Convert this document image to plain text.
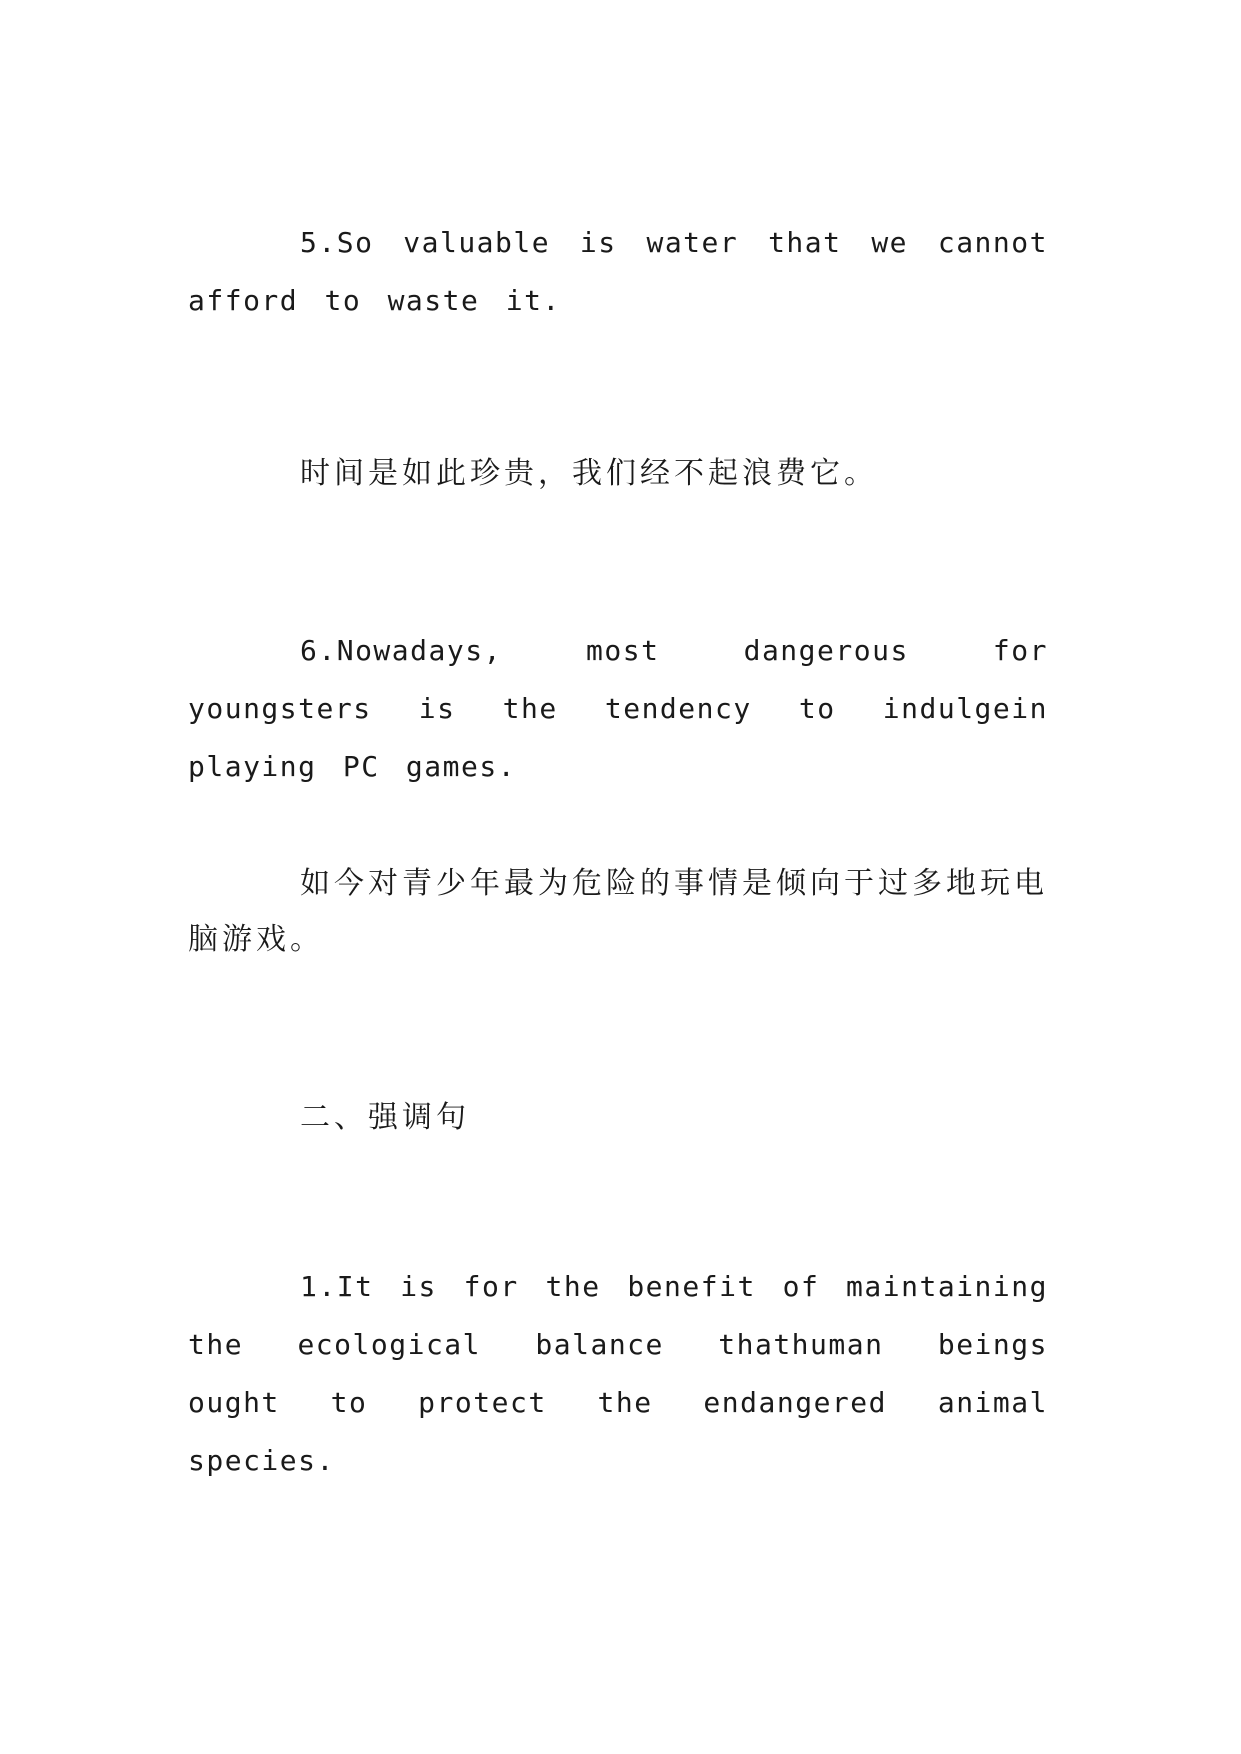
5.So valuable is water that we cannot afford to waste it.

时间是如此珍贵，我们经不起浪费它。

6.Nowadays, most dangerous for youngsters is the tendency to indulgein playing PC games.

如今对青少年最为危险的事情是倾向于过多地玩电脑游戏。

二、强调句

1.It is for the benefit of maintaining the ecological balance thathuman beings ought to protect the endangered animal species.
